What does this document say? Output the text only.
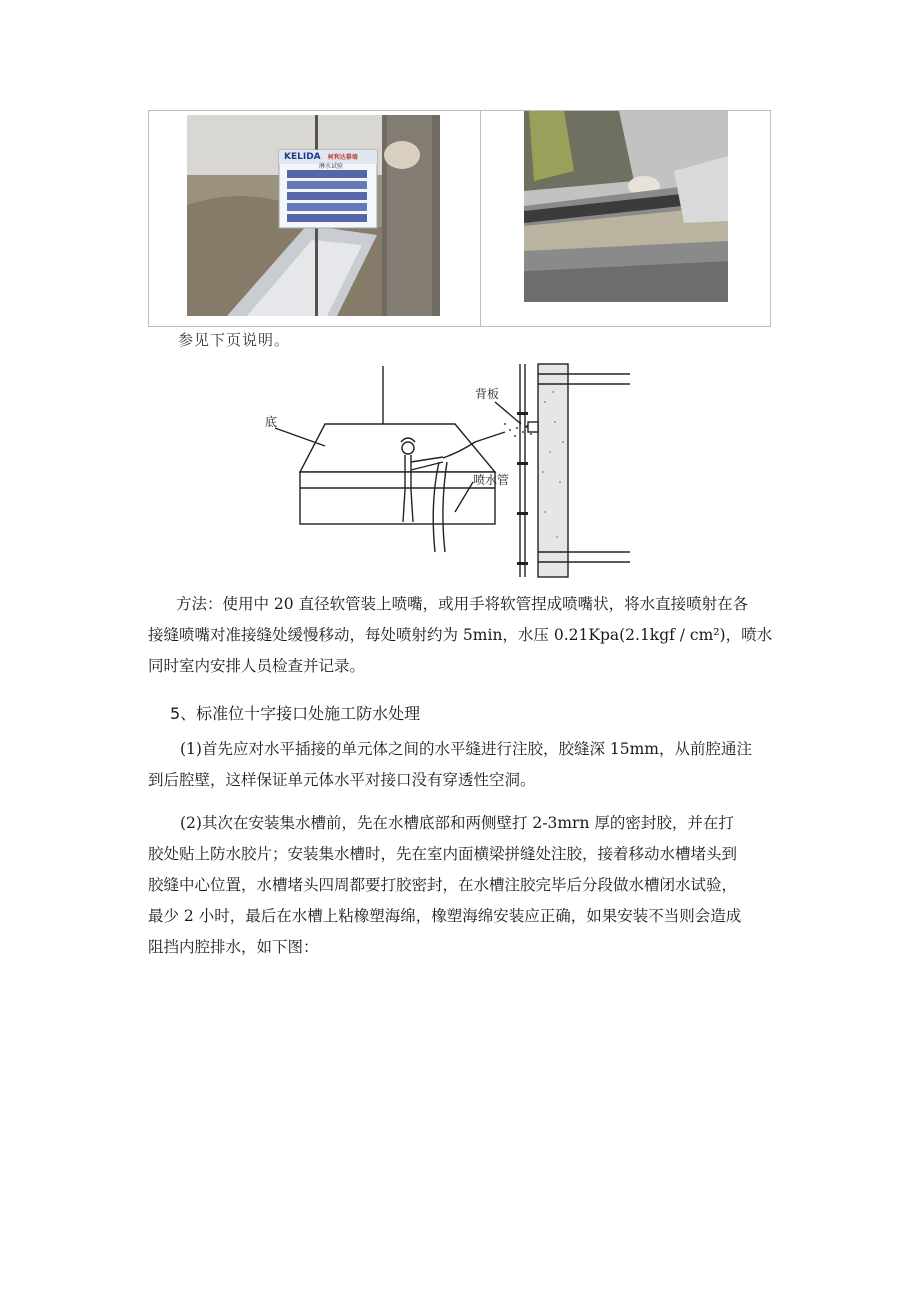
KELIDA 柯利达幕墙
淋水试验
参见下页说明。
底
背板
喷水管

方法：使用中 20 直径软管装上喷嘴，或用手将软管捏成喷嘴状，将水直接喷射在各

接缝喷嘴对准接缝处缓慢移动，每处喷射约为 5min，水压 0.21Kpa(2.1kgf / cm²)，喷水

同时室内安排人员检查并记录。

5、标准位十字接口处施工防水处理

(1)首先应对水平插接的单元体之间的水平缝进行注胶，胶缝深 15mm，从前腔通注

到后腔壁，这样保证单元体水平对接口没有穿透性空洞。

(2)其次在安装集水槽前，先在水槽底部和两侧壁打 2-3mrn 厚的密封胶，并在打

胶处贴上防水胶片；安装集水槽时，先在室内面横梁拼缝处注胶，接着移动水槽堵头到

胶缝中心位置，水槽堵头四周都要打胶密封，在水槽注胶完毕后分段做水槽闭水试验，

最少 2 小时，最后在水槽上粘橡塑海绵，橡塑海绵安装应正确，如果安装不当则会造成

阻挡内腔排水，如下图：
